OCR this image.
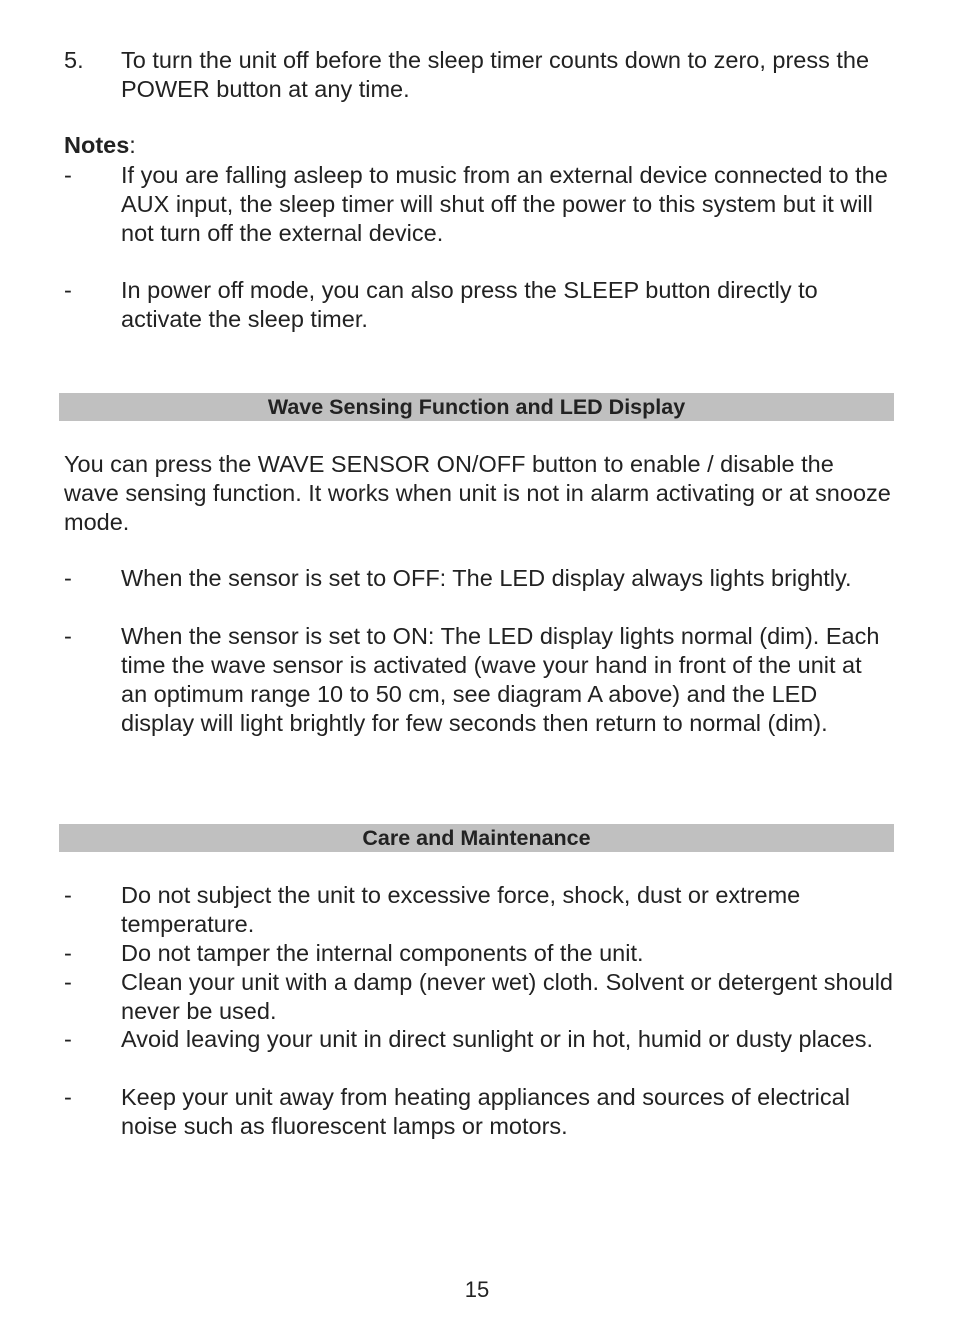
5. To turn the unit off before the sleep timer counts down to zero, press the POWER button at any time.
Notes:
- If you are falling asleep to music from an external device connected to the AUX input, the sleep timer will shut off the power to this system but it will not turn off the external device.
- In power off mode, you can also press the SLEEP button directly to activate the sleep timer.
Wave Sensing Function and LED Display
You can press the WAVE SENSOR ON/OFF button to enable / disable the wave sensing function. It works when unit is not in alarm activating or at snooze mode.
- When the sensor is set to OFF: The LED display always lights brightly.
- When the sensor is set to ON: The LED display lights normal (dim). Each time the wave sensor is activated (wave your hand in front of the unit at an optimum range 10 to 50 cm, see diagram A above) and the LED display will light brightly for few seconds then return to normal (dim).
Care and Maintenance
- Do not subject the unit to excessive force, shock, dust or extreme temperature.
- Do not tamper the internal components of the unit.
- Clean your unit with a damp (never wet) cloth. Solvent or detergent should never be used.
- Avoid leaving your unit in direct sunlight or in hot, humid or dusty places.
- Keep your unit away from heating appliances and sources of electrical noise such as fluorescent lamps or motors.
15
